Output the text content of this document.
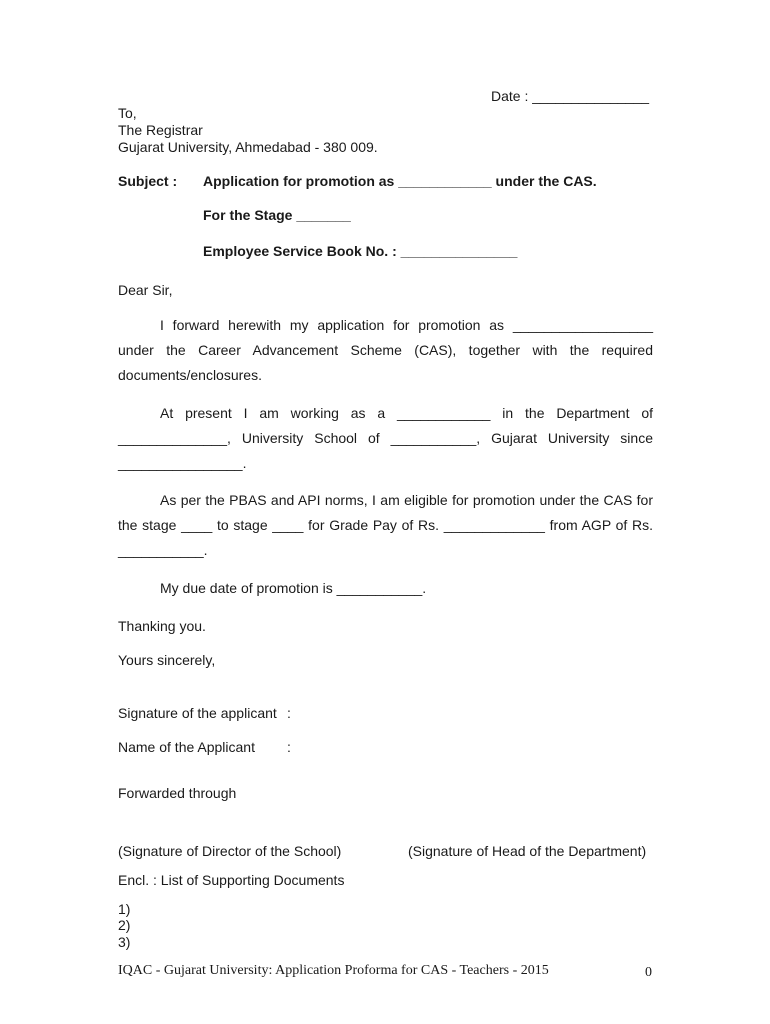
Date : _______________
To,
The Registrar
Gujarat University, Ahmedabad - 380 009.
Subject : Application for promotion as ____________ under the CAS.
For the Stage _______
Employee Service Book No. : _______________
Dear Sir,
I forward herewith my application for promotion as __________________ under the Career Advancement Scheme (CAS), together with the required documents/enclosures.
At present I am working as a ____________ in the Department of ______________, University School of ___________, Gujarat University since ________________.
As per the PBAS and API norms, I am eligible for promotion under the CAS for the stage ____ to stage ____ for Grade Pay of Rs. _____________ from AGP of Rs. ___________.
My due date of promotion is ___________.
Thanking you.
Yours sincerely,
Signature of the applicant :
Name of the Applicant :
Forwarded through
(Signature of Director of the School)	(Signature of Head of the Department)
Encl. : List of Supporting Documents
1)
2)
3)
IQAC - Gujarat University: Application Proforma for CAS - Teachers - 2015	0
